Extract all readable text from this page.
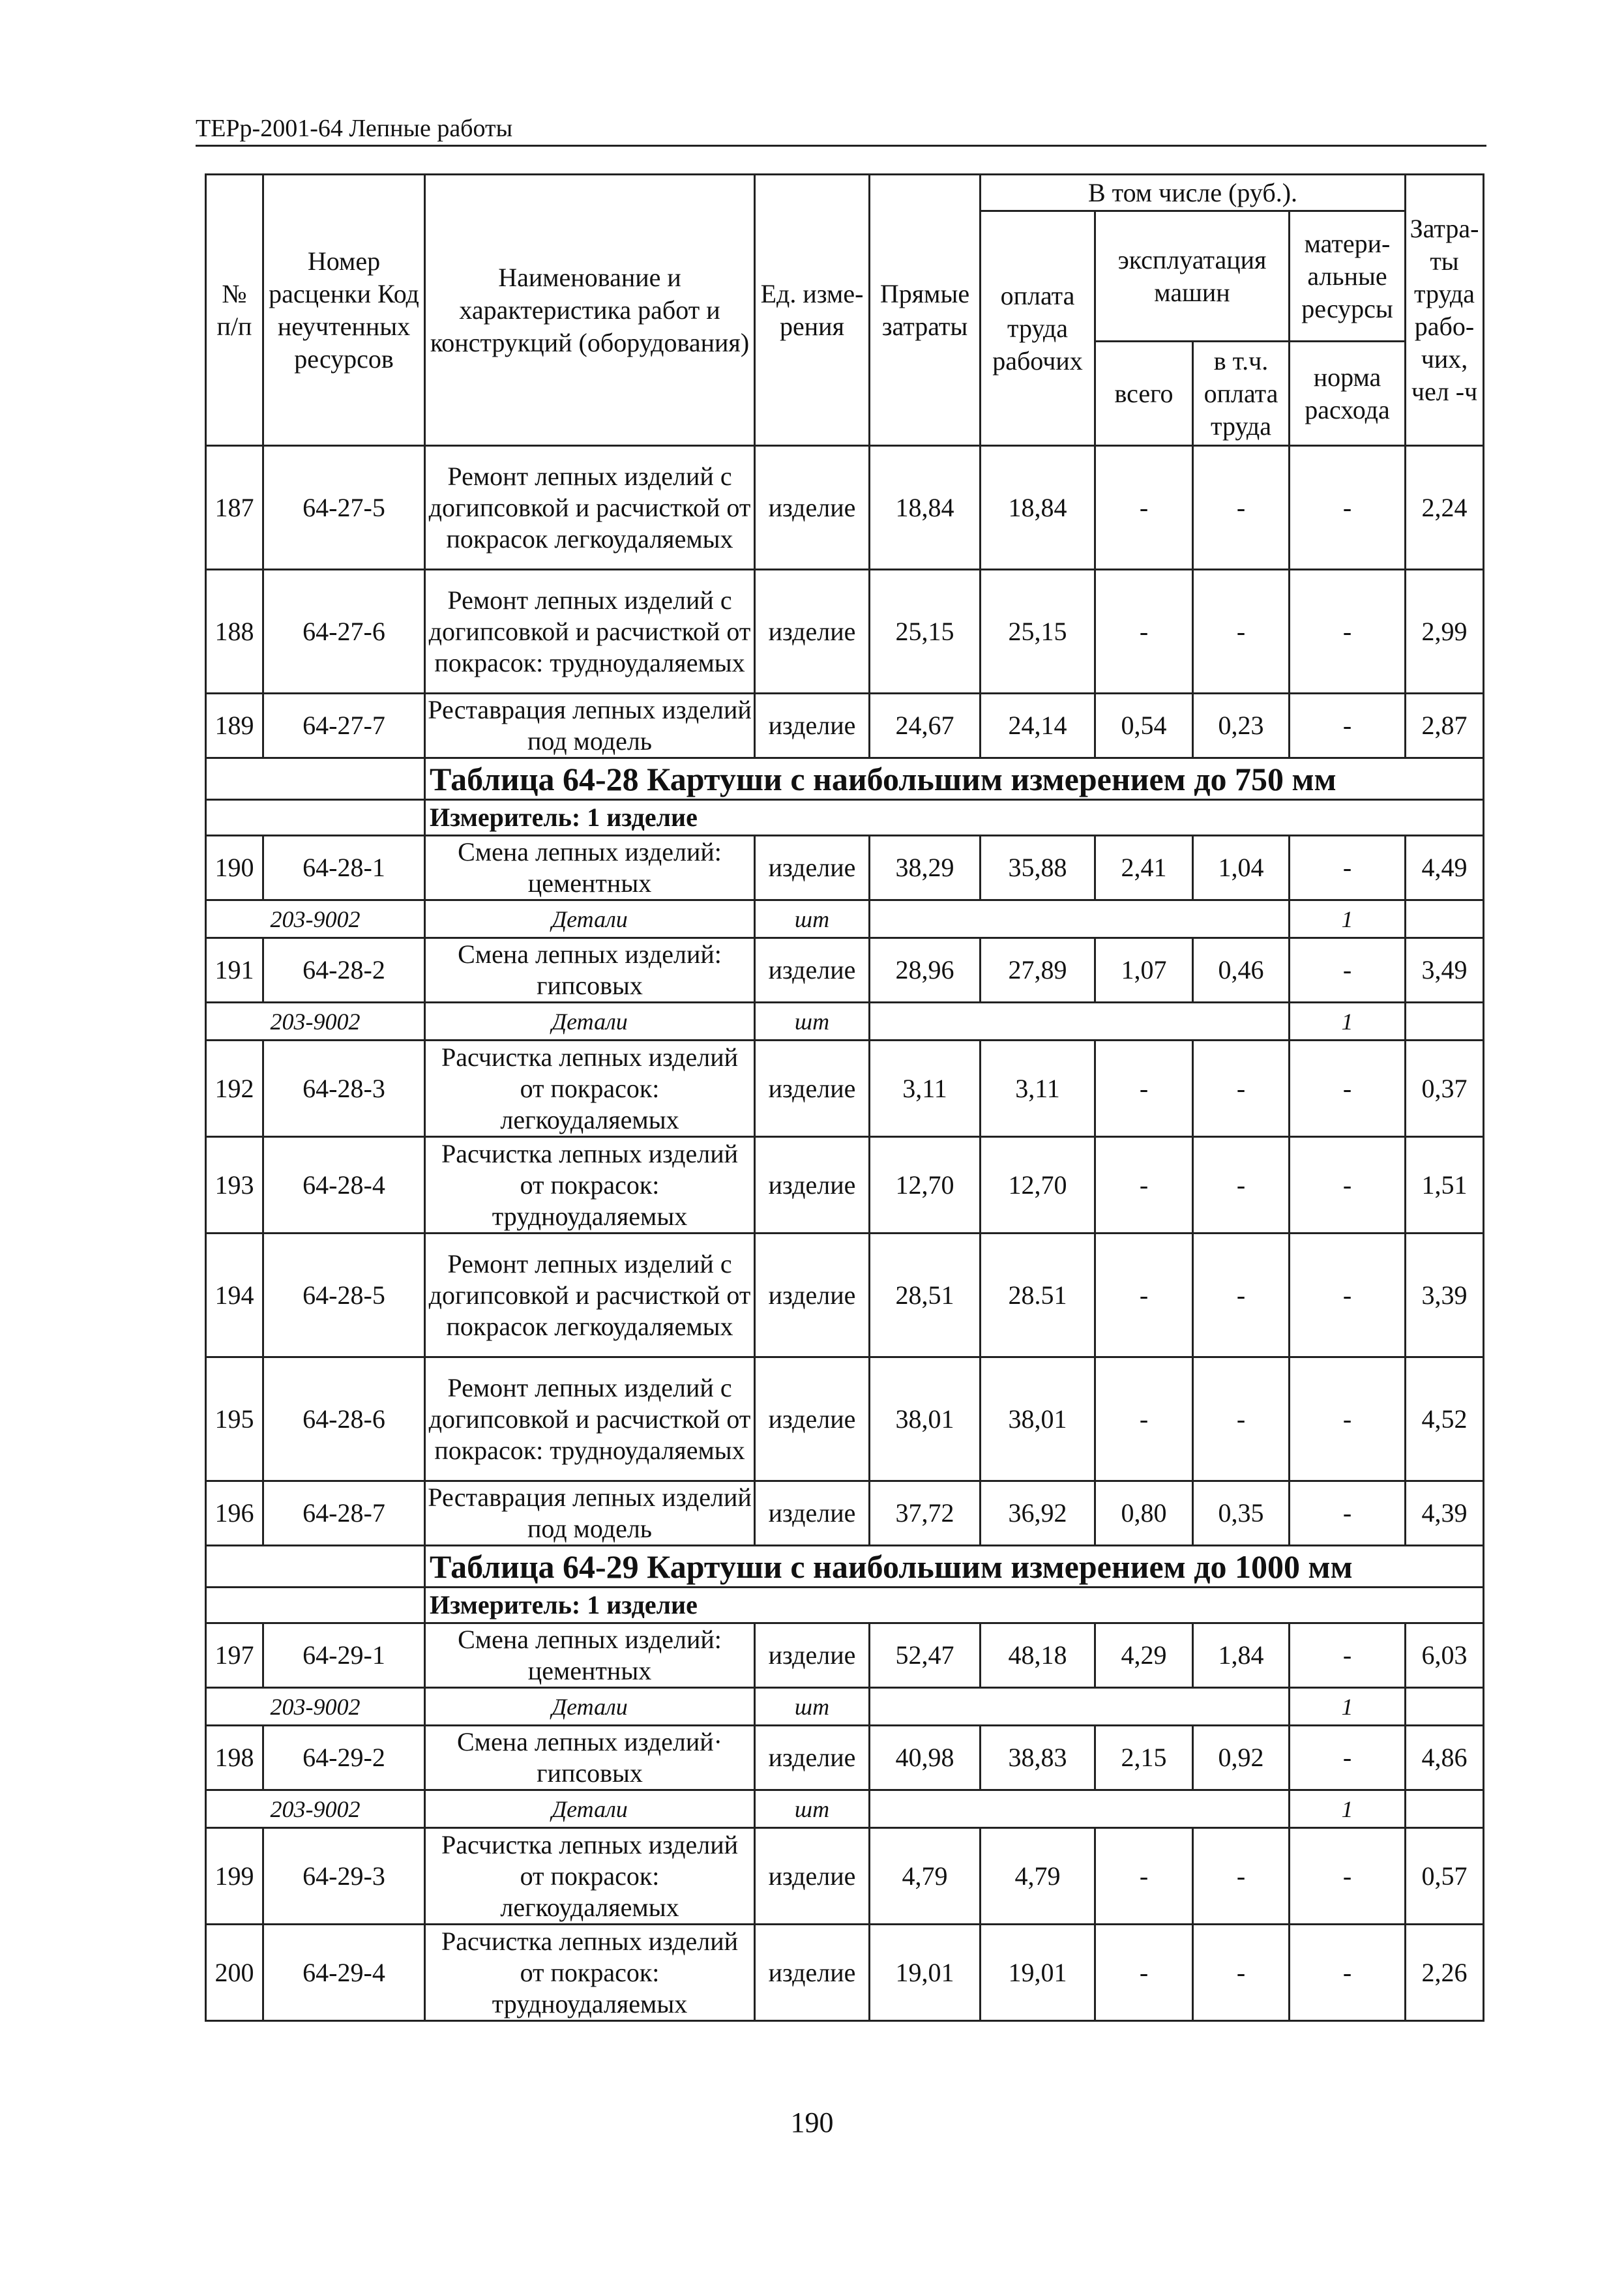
ТЕРр-2001-64 Лепные работы
№ п/п	Номер расценки Код неучтенных ресурсов	Наименование и характеристика работ и конструкций (оборудования)	Ед. изме-рения	Прямые затраты	В том числе (руб.).				Затра-ты труда рабо-чих, чел -ч
					оплата труда рабочих	эксплуатация машин		матери-альные ресурсы	
						всего	в т.ч. оплата труда	норма расхода	
187	64-27-5	Ремонт лепных изделий с догипсовкой и расчисткой от покрасок легкоудаляемых	изделие	18,84	18,84	-	-	-	2,24
188	64-27-6	Ремонт лепных изделий с догипсовкой и расчисткой от покрасок: трудноудаляемых	изделие	25,15	25,15	-	-	-	2,99
189	64-27-7	Реставрация лепных изделий под модель	изделие	24,67	24,14	0,54	0,23	-	2,87
		Таблица 64-28 Картуши с наибольшим измерением до 750 мм							
		Измеритель: 1 изделие							
190	64-28-1	Смена лепных изделий: цементных	изделие	38,29	35,88	2,41	1,04	-	4,49
203-9002		Детали	шт					1	
191	64-28-2	Смена лепных изделий: гипсовых	изделие	28,96	27,89	1,07	0,46	-	3,49
203-9002		Детали	шт					1	
192	64-28-3	Расчистка лепных изделий от покрасок: легкоудаляемых	изделие	3,11	3,11	-	-	-	0,37
193	64-28-4	Расчистка лепных изделий от покрасок: трудноудаляемых	изделие	12,70	12,70	-	-	-	1,51
194	64-28-5	Ремонт лепных изделий с догипсовкой и расчисткой от покрасок легкоудаляемых	изделие	28,51	28.51	-	-	-	3,39
195	64-28-6	Ремонт лепных изделий с догипсовкой и расчисткой от покрасок: трудноудаляемых	изделие	38,01	38,01	-	-	-	4,52
196	64-28-7	Реставрация лепных изделий под модель	изделие	37,72	36,92	0,80	0,35	-	4,39
		Таблица 64-29 Картуши с наибольшим измерением до 1000 мм							
		Измеритель: 1 изделие							
197	64-29-1	Смена лепных изделий: цементных	изделие	52,47	48,18	4,29	1,84	-	6,03
203-9002		Детали	шт					1	
198	64-29-2	Смена лепных изделий· гипсовых	изделие	40,98	38,83	2,15	0,92	-	4,86
203-9002		Детали	шт					1	
199	64-29-3	Расчистка лепных изделий от покрасок: легкоудаляемых	изделие	4,79	4,79	-	-	-	0,57
200	64-29-4	Расчистка лепных изделий от покрасок: трудноудаляемых	изделие	19,01	19,01	-	-	-	2,26
190
